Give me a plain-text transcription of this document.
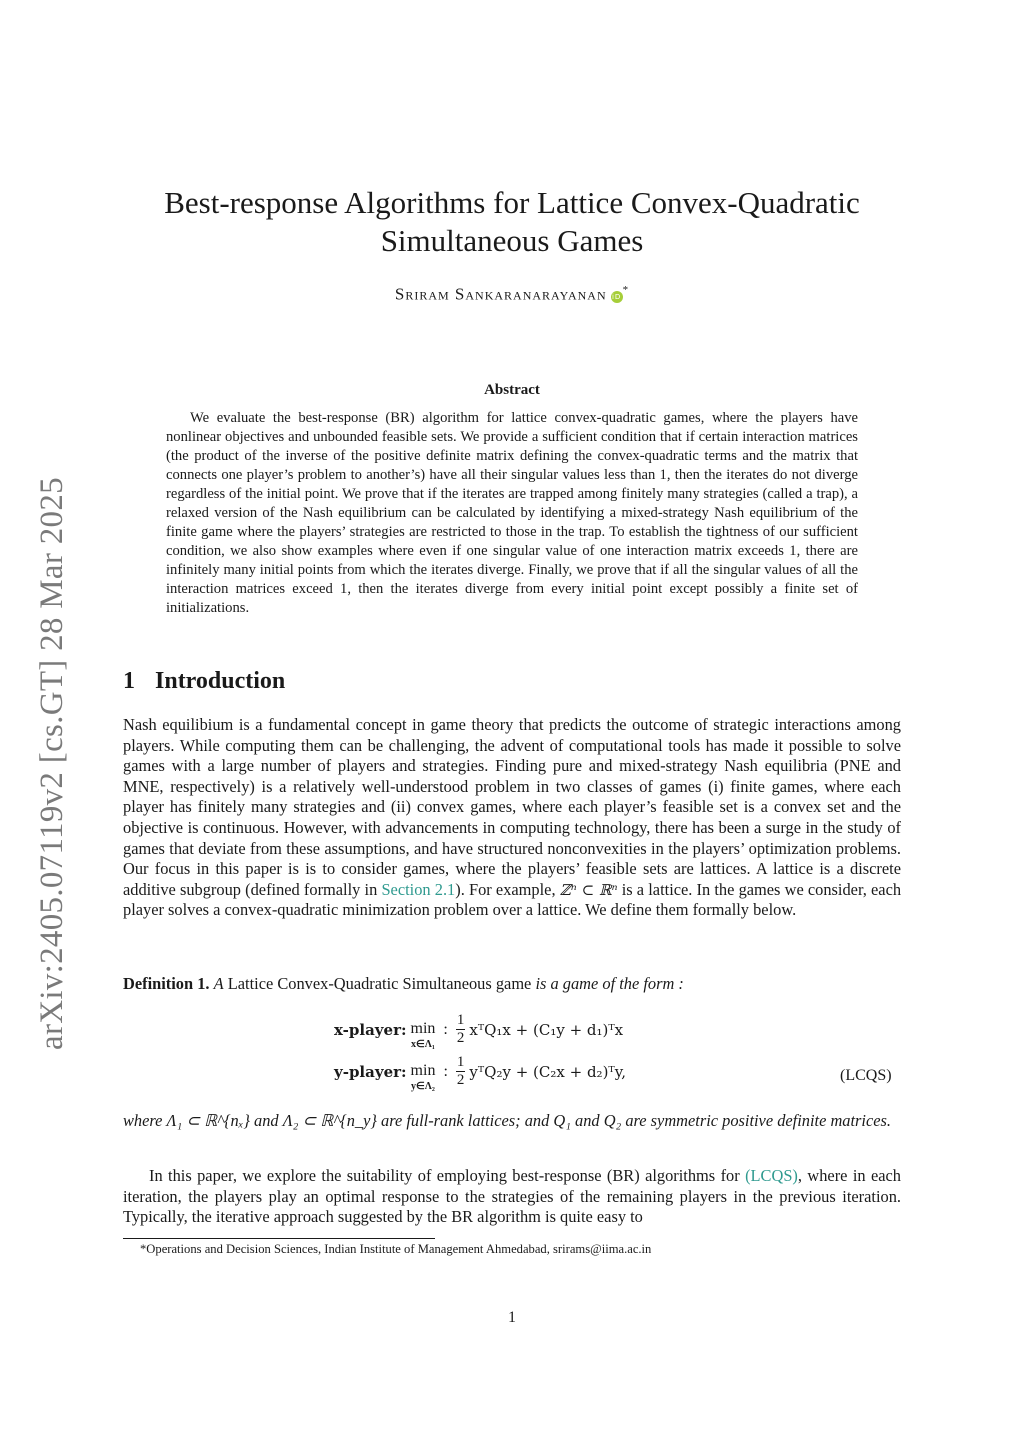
arXiv:2405.07119v2 [cs.GT] 28 Mar 2025
Best-response Algorithms for Lattice Convex-Quadratic
Simultaneous Games
Sriram Sankaranarayanan iD*
Abstract
We evaluate the best-response (BR) algorithm for lattice convex-quadratic games, where the players have nonlinear objectives and unbounded feasible sets. We provide a sufficient condition that if certain interaction matrices (the product of the inverse of the positive definite matrix defining the convex-quadratic terms and the matrix that connects one player’s problem to another’s) have all their singular values less than 1, then the iterates do not diverge regardless of the initial point. We prove that if the iterates are trapped among finitely many strategies (called a trap), a relaxed version of the Nash equilibrium can be calculated by identifying a mixed-strategy Nash equilibrium of the finite game where the players’ strategies are restricted to those in the trap. To establish the tightness of our sufficient condition, we also show examples where even if one singular value of one interaction matrix exceeds 1, there are infinitely many initial points from which the iterates diverge. Finally, we prove that if all the singular values of all the interaction matrices exceed 1, then the iterates diverge from every initial point except possibly a finite set of initializations.
1 Introduction
Nash equilibium is a fundamental concept in game theory that predicts the outcome of strategic interactions among players. While computing them can be challenging, the advent of computational tools has made it possible to solve games with a large number of players and strategies. Finding pure and mixed-strategy Nash equilibria (PNE and MNE, respectively) is a relatively well-understood problem in two classes of games (i) finite games, where each player has finitely many strategies and (ii) convex games, where each player’s feasible set is a convex set and the objective is continuous. However, with advancements in computing technology, there has been a surge in the study of games that deviate from these assumptions, and have structured nonconvexities in the players’ optimization problems. Our focus in this paper is is to consider games, where the players’ feasible sets are lattices. A lattice is a discrete additive subgroup (defined formally in Section 2.1). For example, ℤⁿ ⊂ ℝⁿ is a lattice. In the games we consider, each player solves a convex-quadratic minimization problem over a lattice. We define them formally below.
Definition 1. A Lattice Convex-Quadratic Simultaneous game is a game of the form :
x-player: min
x∈Λ₁
: $\frac{1}{2}$ xᵀQ₁x + (C₁y + d₁)ᵀx
y-player: min
y∈Λ₂
: $\frac{1}{2}$ yᵀQ₂y + (C₂x + d₂)ᵀy,	(LCQS)
where Λ₁ ⊂ ℝ^{nₓ} and Λ₂ ⊂ ℝ^{n_y} are full-rank lattices; and Q₁ and Q₂ are symmetric positive definite matrices.
In this paper, we explore the suitability of employing best-response (BR) algorithms for (LCQS), where in each iteration, the players play an optimal response to the strategies of the remaining players in the previous iteration. Typically, the iterative approach suggested by the BR algorithm is quite easy to
*Operations and Decision Sciences, Indian Institute of Management Ahmedabad, srirams@iima.ac.in
1
